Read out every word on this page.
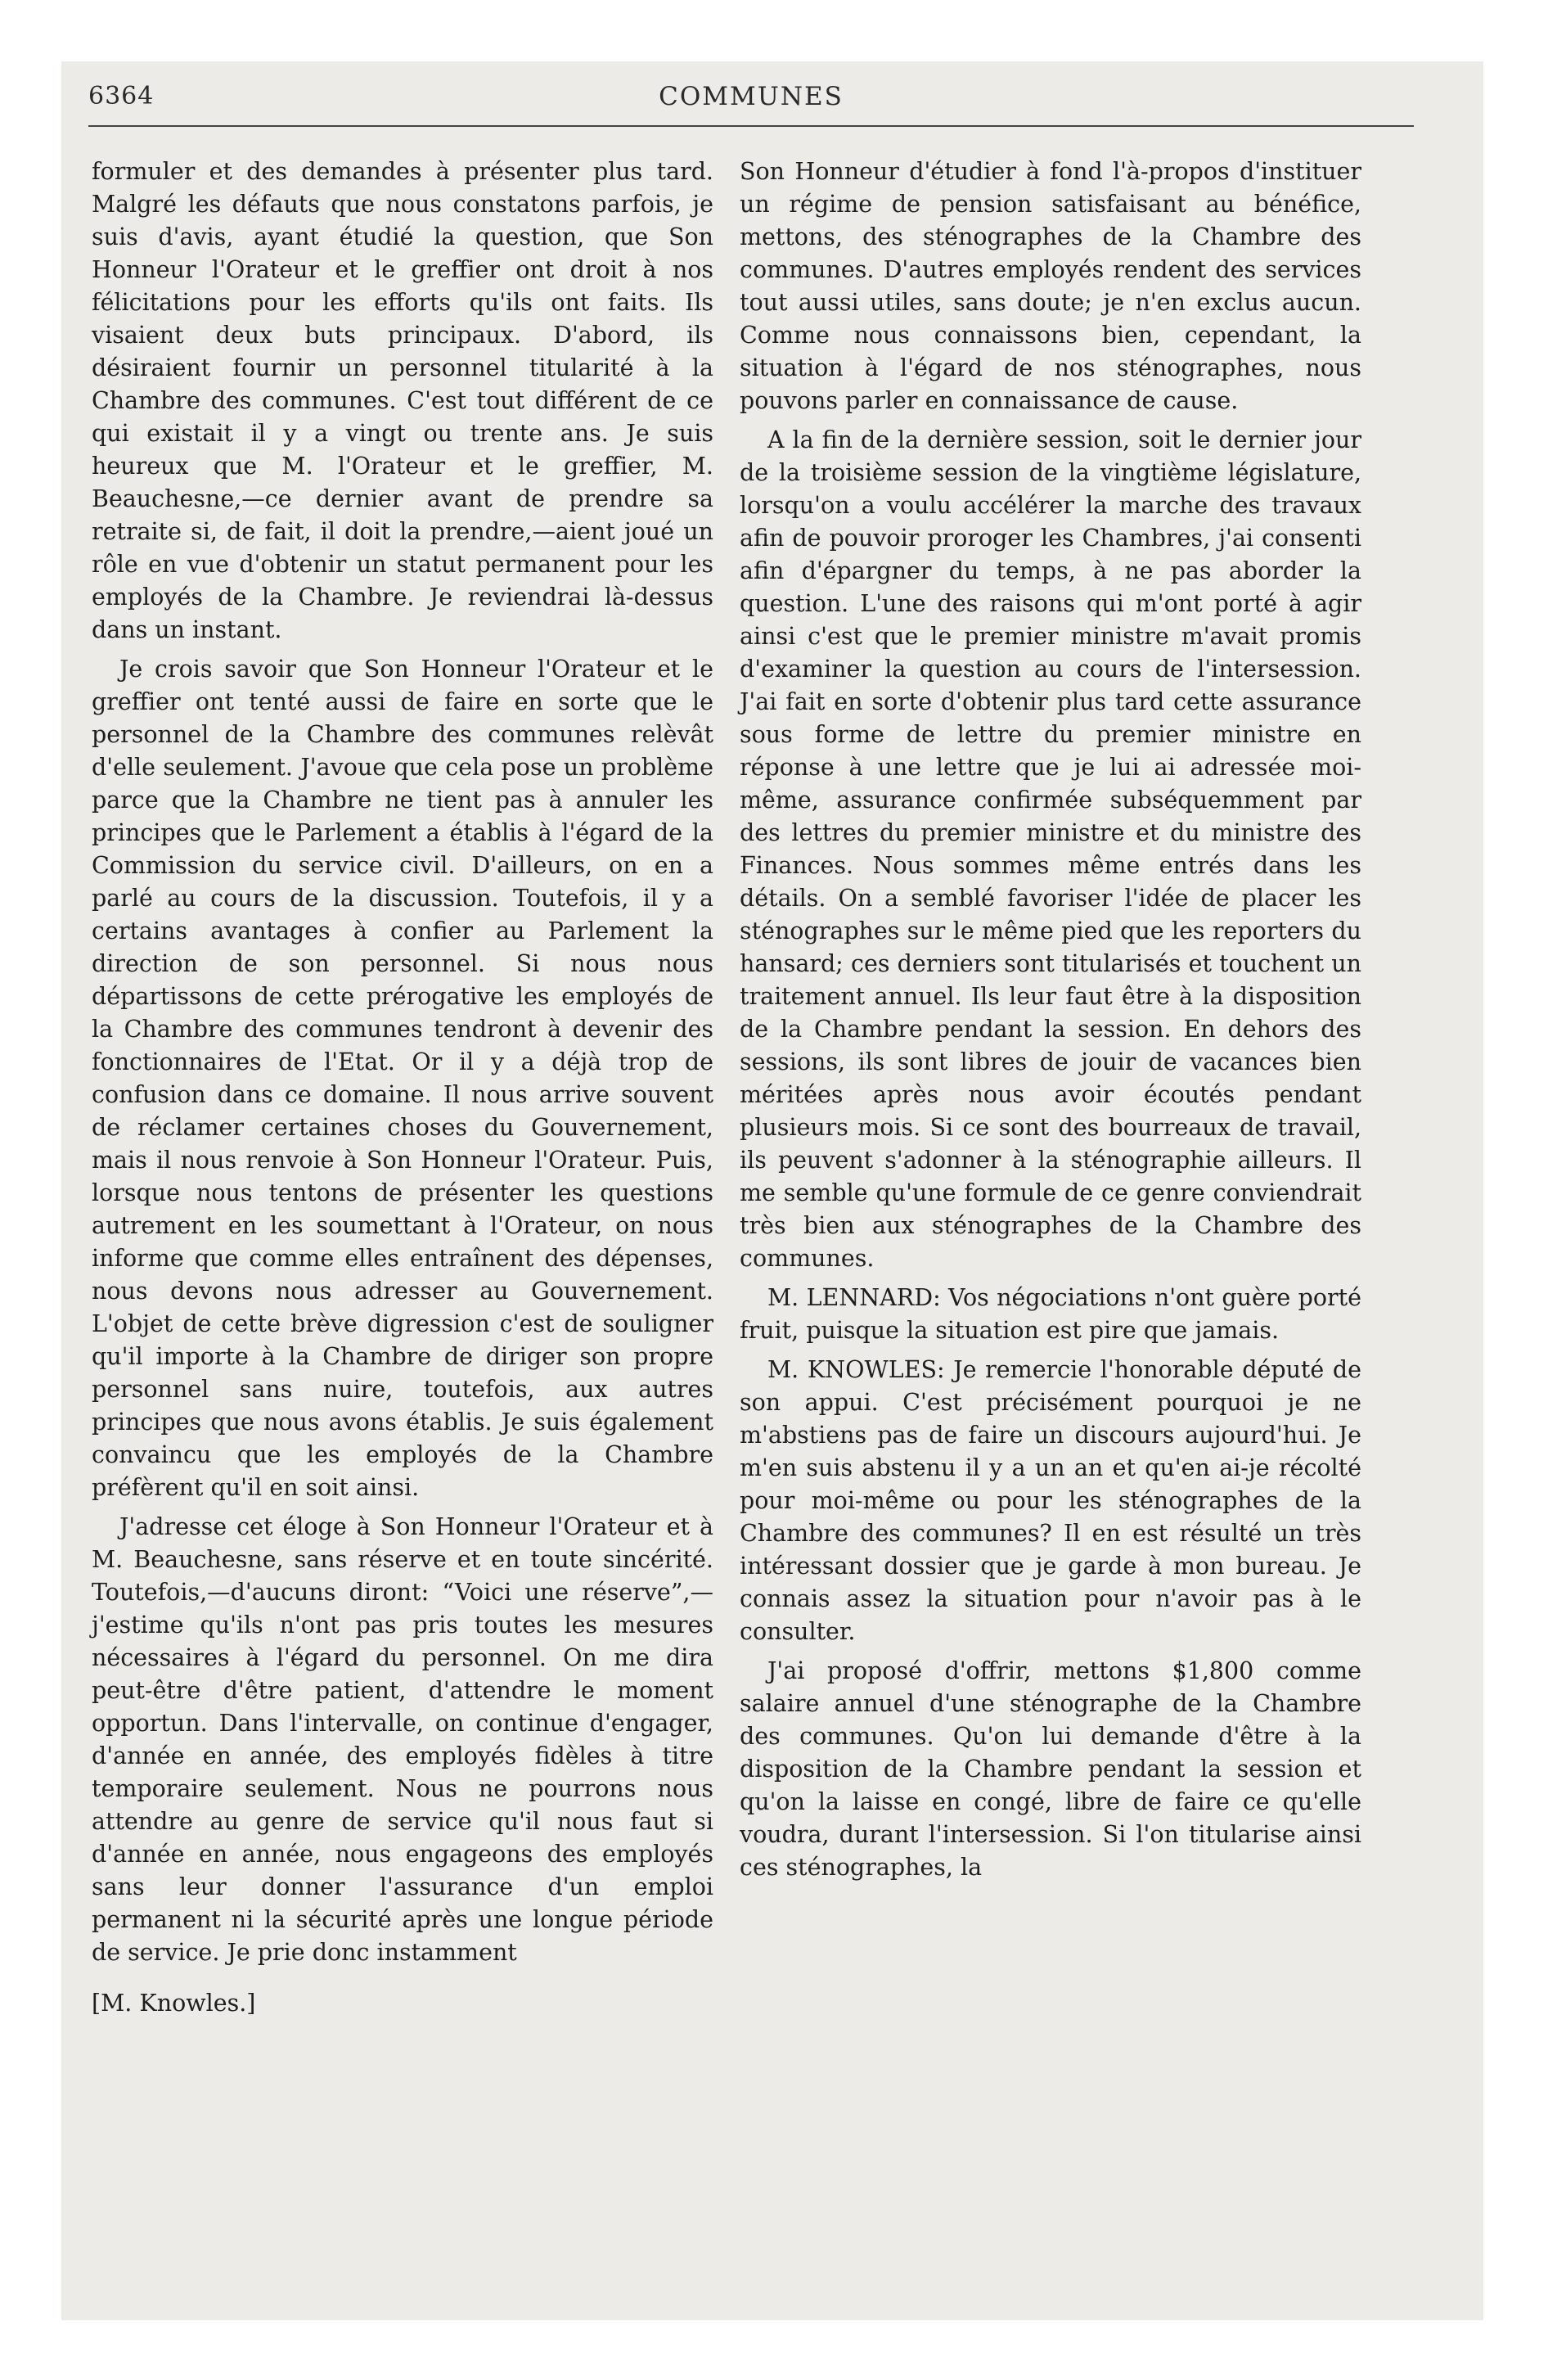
6364	COMMUNES

formuler et des demandes à présenter plus tard. Malgré les défauts que nous constatons parfois, je suis d'avis, ayant étudié la question, que Son Honneur l'Orateur et le greffier ont droit à nos félicitations pour les efforts qu'ils ont faits. Ils visaient deux buts principaux. D'abord, ils désiraient fournir un personnel titularité à la Chambre des communes. C'est tout différent de ce qui existait il y a vingt ou trente ans. Je suis heureux que M. l'Orateur et le greffier, M. Beauchesne,—ce dernier avant de prendre sa retraite si, de fait, il doit la prendre,—aient joué un rôle en vue d'obtenir un statut permanent pour les employés de la Chambre. Je reviendrai là-dessus dans un instant.

Je crois savoir que Son Honneur l'Orateur et le greffier ont tenté aussi de faire en sorte que le personnel de la Chambre des communes relèvât d'elle seulement. J'avoue que cela pose un problème parce que la Chambre ne tient pas à annuler les principes que le Parlement a établis à l'égard de la Commission du service civil. D'ailleurs, on en a parlé au cours de la discussion. Toutefois, il y a certains avantages à confier au Parlement la direction de son personnel. Si nous nous départissons de cette prérogative les employés de la Chambre des communes tendront à devenir des fonctionnaires de l'Etat. Or il y a déjà trop de confusion dans ce domaine. Il nous arrive souvent de réclamer certaines choses du Gouvernement, mais il nous renvoie à Son Honneur l'Orateur. Puis, lorsque nous tentons de présenter les questions autrement en les soumettant à l'Orateur, on nous informe que comme elles entraînent des dépenses, nous devons nous adresser au Gouvernement. L'objet de cette brève digression c'est de souligner qu'il importe à la Chambre de diriger son propre personnel sans nuire, toutefois, aux autres principes que nous avons établis. Je suis également convaincu que les employés de la Chambre préfèrent qu'il en soit ainsi.

J'adresse cet éloge à Son Honneur l'Orateur et à M. Beauchesne, sans réserve et en toute sincérité. Toutefois,—d'aucuns diront: “Voici une réserve”,—j'estime qu'ils n'ont pas pris toutes les mesures nécessaires à l'égard du personnel. On me dira peut-être d'être patient, d'attendre le moment opportun. Dans l'intervalle, on continue d'engager, d'année en année, des employés fidèles à titre temporaire seulement. Nous ne pourrons nous attendre au genre de service qu'il nous faut si d'année en année, nous engageons des employés sans leur donner l'assurance d'un emploi permanent ni la sécurité après une longue période de service. Je prie donc instamment

[M. Knowles.]

Son Honneur d'étudier à fond l'à-propos d'instituer un régime de pension satisfaisant au bénéfice, mettons, des sténographes de la Chambre des communes. D'autres employés rendent des services tout aussi utiles, sans doute; je n'en exclus aucun. Comme nous connaissons bien, cependant, la situation à l'égard de nos sténographes, nous pouvons parler en connaissance de cause.

A la fin de la dernière session, soit le dernier jour de la troisième session de la vingtième législature, lorsqu'on a voulu accélérer la marche des travaux afin de pouvoir proroger les Chambres, j'ai consenti afin d'épargner du temps, à ne pas aborder la question. L'une des raisons qui m'ont porté à agir ainsi c'est que le premier ministre m'avait promis d'examiner la question au cours de l'intersession. J'ai fait en sorte d'obtenir plus tard cette assurance sous forme de lettre du premier ministre en réponse à une lettre que je lui ai adressée moi-même, assurance confirmée subséquemment par des lettres du premier ministre et du ministre des Finances. Nous sommes même entrés dans les détails. On a semblé favoriser l'idée de placer les sténographes sur le même pied que les reporters du hansard; ces derniers sont titularisés et touchent un traitement annuel. Ils leur faut être à la disposition de la Chambre pendant la session. En dehors des sessions, ils sont libres de jouir de vacances bien méritées après nous avoir écoutés pendant plusieurs mois. Si ce sont des bourreaux de travail, ils peuvent s'adonner à la sténographie ailleurs. Il me semble qu'une formule de ce genre conviendrait très bien aux sténographes de la Chambre des communes.

M. LENNARD: Vos négociations n'ont guère porté fruit, puisque la situation est pire que jamais.

M. KNOWLES: Je remercie l'honorable député de son appui. C'est précisément pourquoi je ne m'abstiens pas de faire un discours aujourd'hui. Je m'en suis abstenu il y a un an et qu'en ai-je récolté pour moi-même ou pour les sténographes de la Chambre des communes? Il en est résulté un très intéressant dossier que je garde à mon bureau. Je connais assez la situation pour n'avoir pas à le consulter.

J'ai proposé d'offrir, mettons $1,800 comme salaire annuel d'une sténographe de la Chambre des communes. Qu'on lui demande d'être à la disposition de la Chambre pendant la session et qu'on la laisse en congé, libre de faire ce qu'elle voudra, durant l'intersession. Si l'on titularise ainsi ces sténographes, la
